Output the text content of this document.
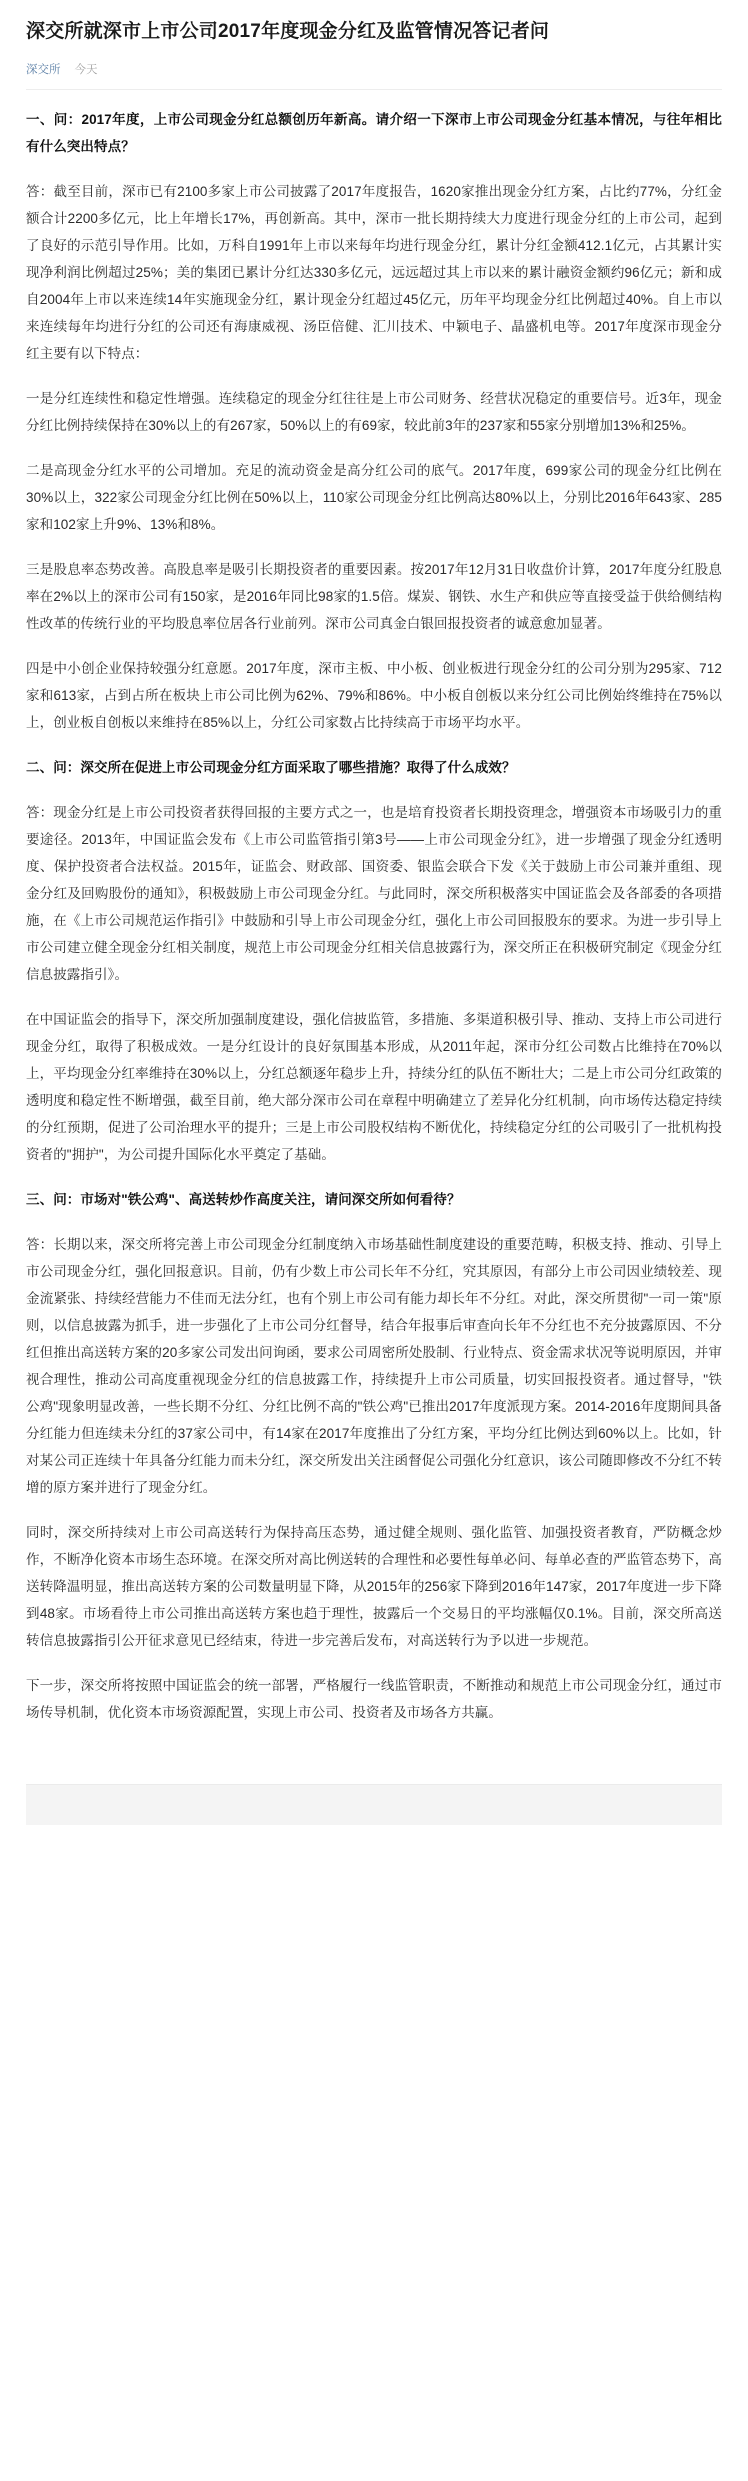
深交所就深市上市公司2017年度现金分红及监管情况答记者问
深交所 今天

一、问：2017年度，上市公司现金分红总额创历年新高。请介绍一下深市上市公司现金分红基本情况，与往年相比有什么突出特点？

答：截至目前，深市已有2100多家上市公司披露了2017年度报告，1620家推出现金分红方案，占比约77%，分红金额合计2200多亿元，比上年增长17%，再创新高。其中，深市一批长期持续大力度进行现金分红的上市公司，起到了良好的示范引导作用。比如，万科自1991年上市以来每年均进行现金分红，累计分红金额412.1亿元，占其累计实现净利润比例超过25%；美的集团已累计分红达330多亿元，远远超过其上市以来的累计融资金额约96亿元；新和成自2004年上市以来连续14年实施现金分红，累计现金分红超过45亿元，历年平均现金分红比例超过40%。自上市以来连续每年均进行分红的公司还有海康威视、汤臣倍健、汇川技术、中颖电子、晶盛机电等。2017年度深市现金分红主要有以下特点：

一是分红连续性和稳定性增强。连续稳定的现金分红往往是上市公司财务、经营状况稳定的重要信号。近3年，现金分红比例持续保持在30%以上的有267家，50%以上的有69家，较此前3年的237家和55家分别增加13%和25%。

二是高现金分红水平的公司增加。充足的流动资金是高分红公司的底气。2017年度，699家公司的现金分红比例在30%以上，322家公司现金分红比例在50%以上，110家公司现金分红比例高达80%以上，分别比2016年643家、285家和102家上升9%、13%和8%。

三是股息率态势改善。高股息率是吸引长期投资者的重要因素。按2017年12月31日收盘价计算，2017年度分红股息率在2%以上的深市公司有150家，是2016年同比98家的1.5倍。煤炭、钢铁、水生产和供应等直接受益于供给侧结构性改革的传统行业的平均股息率位居各行业前列。深市公司真金白银回报投资者的诚意愈加显著。

四是中小创企业保持较强分红意愿。2017年度，深市主板、中小板、创业板进行现金分红的公司分别为295家、712家和613家，占到占所在板块上市公司比例为62%、79%和86%。中小板自创板以来分红公司比例始终维持在75%以上，创业板自创板以来维持在85%以上，分红公司家数占比持续高于市场平均水平。

二、问：深交所在促进上市公司现金分红方面采取了哪些措施？取得了什么成效？

答：现金分红是上市公司投资者获得回报的主要方式之一，也是培育投资者长期投资理念，增强资本市场吸引力的重要途径。2013年，中国证监会发布《上市公司监管指引第3号——上市公司现金分红》，进一步增强了现金分红透明度、保护投资者合法权益。2015年，证监会、财政部、国资委、银监会联合下发《关于鼓励上市公司兼并重组、现金分红及回购股份的通知》，积极鼓励上市公司现金分红。与此同时，深交所积极落实中国证监会及各部委的各项措施，在《上市公司规范运作指引》中鼓励和引导上市公司现金分红，强化上市公司回报股东的要求。为进一步引导上市公司建立健全现金分红相关制度，规范上市公司现金分红相关信息披露行为，深交所正在积极研究制定《现金分红信息披露指引》。

在中国证监会的指导下，深交所加强制度建设，强化信披监管，多措施、多渠道积极引导、推动、支持上市公司进行现金分红，取得了积极成效。一是分红设计的良好氛围基本形成，从2011年起，深市分红公司数占比维持在70%以上，平均现金分红率维持在30%以上，分红总额逐年稳步上升，持续分红的队伍不断壮大；二是上市公司分红政策的透明度和稳定性不断增强，截至目前，绝大部分深市公司在章程中明确建立了差异化分红机制，向市场传达稳定持续的分红预期，促进了公司治理水平的提升；三是上市公司股权结构不断优化，持续稳定分红的公司吸引了一批机构投资者的"拥护"，为公司提升国际化水平奠定了基础。

三、问：市场对"铁公鸡"、高送转炒作高度关注，请问深交所如何看待？

答：长期以来，深交所将完善上市公司现金分红制度纳入市场基础性制度建设的重要范畴，积极支持、推动、引导上市公司现金分红，强化回报意识。目前，仍有少数上市公司长年不分红，究其原因，有部分上市公司因业绩较差、现金流紧张、持续经营能力不佳而无法分红，也有个别上市公司有能力却长年不分红。对此，深交所贯彻"一司一策"原则，以信息披露为抓手，进一步强化了上市公司分红督导，结合年报事后审查向长年不分红也不充分披露原因、不分红但推出高送转方案的20多家公司发出问询函，要求公司周密所处股制、行业特点、资金需求状况等说明原因，并审视合理性，推动公司高度重视现金分红的信息披露工作，持续提升上市公司质量，切实回报投资者。通过督导，"铁公鸡"现象明显改善，一些长期不分红、分红比例不高的"铁公鸡"已推出2017年度派现方案。2014-2016年度期间具备分红能力但连续未分红的37家公司中，有14家在2017年度推出了分红方案，平均分红比例达到60%以上。比如，针对某公司正连续十年具备分红能力而未分红，深交所发出关注函督促公司强化分红意识，该公司随即修改不分红不转增的原方案并进行了现金分红。

同时，深交所持续对上市公司高送转行为保持高压态势，通过健全规则、强化监管、加强投资者教育，严防概念炒作，不断净化资本市场生态环境。在深交所对高比例送转的合理性和必要性每单必问、每单必查的严监管态势下，高送转降温明显，推出高送转方案的公司数量明显下降，从2015年的256家下降到2016年147家，2017年度进一步下降到48家。市场看待上市公司推出高送转方案也趋于理性，披露后一个交易日的平均涨幅仅0.1%。目前，深交所高送转信息披露指引公开征求意见已经结束，待进一步完善后发布，对高送转行为予以进一步规范。

下一步，深交所将按照中国证监会的统一部署，严格履行一线监管职责，不断推动和规范上市公司现金分红，通过市场传导机制，优化资本市场资源配置，实现上市公司、投资者及市场各方共赢。
